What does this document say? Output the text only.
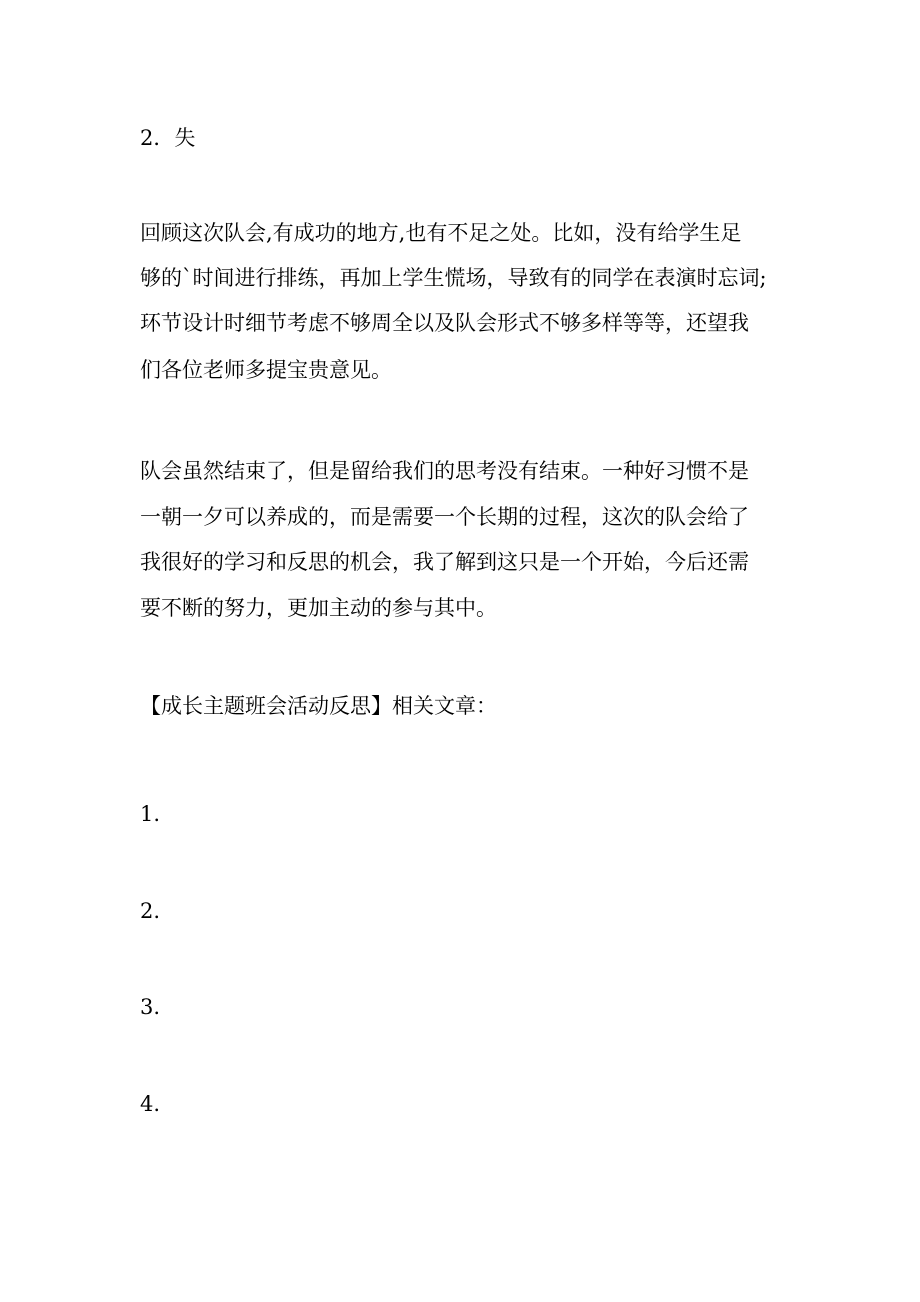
2．失
回顾这次队会,有成功的地方,也有不足之处。比如，没有给学生足
够的`时间进行排练，再加上学生慌场，导致有的同学在表演时忘词;
环节设计时细节考虑不够周全以及队会形式不够多样等等，还望我
们各位老师多提宝贵意见。
队会虽然结束了，但是留给我们的思考没有结束。一种好习惯不是
一朝一夕可以养成的，而是需要一个长期的过程，这次的队会给了
我很好的学习和反思的机会，我了解到这只是一个开始，今后还需
要不断的努力，更加主动的参与其中。
【成长主题班会活动反思】相关文章：
1.
2.
3.
4.
